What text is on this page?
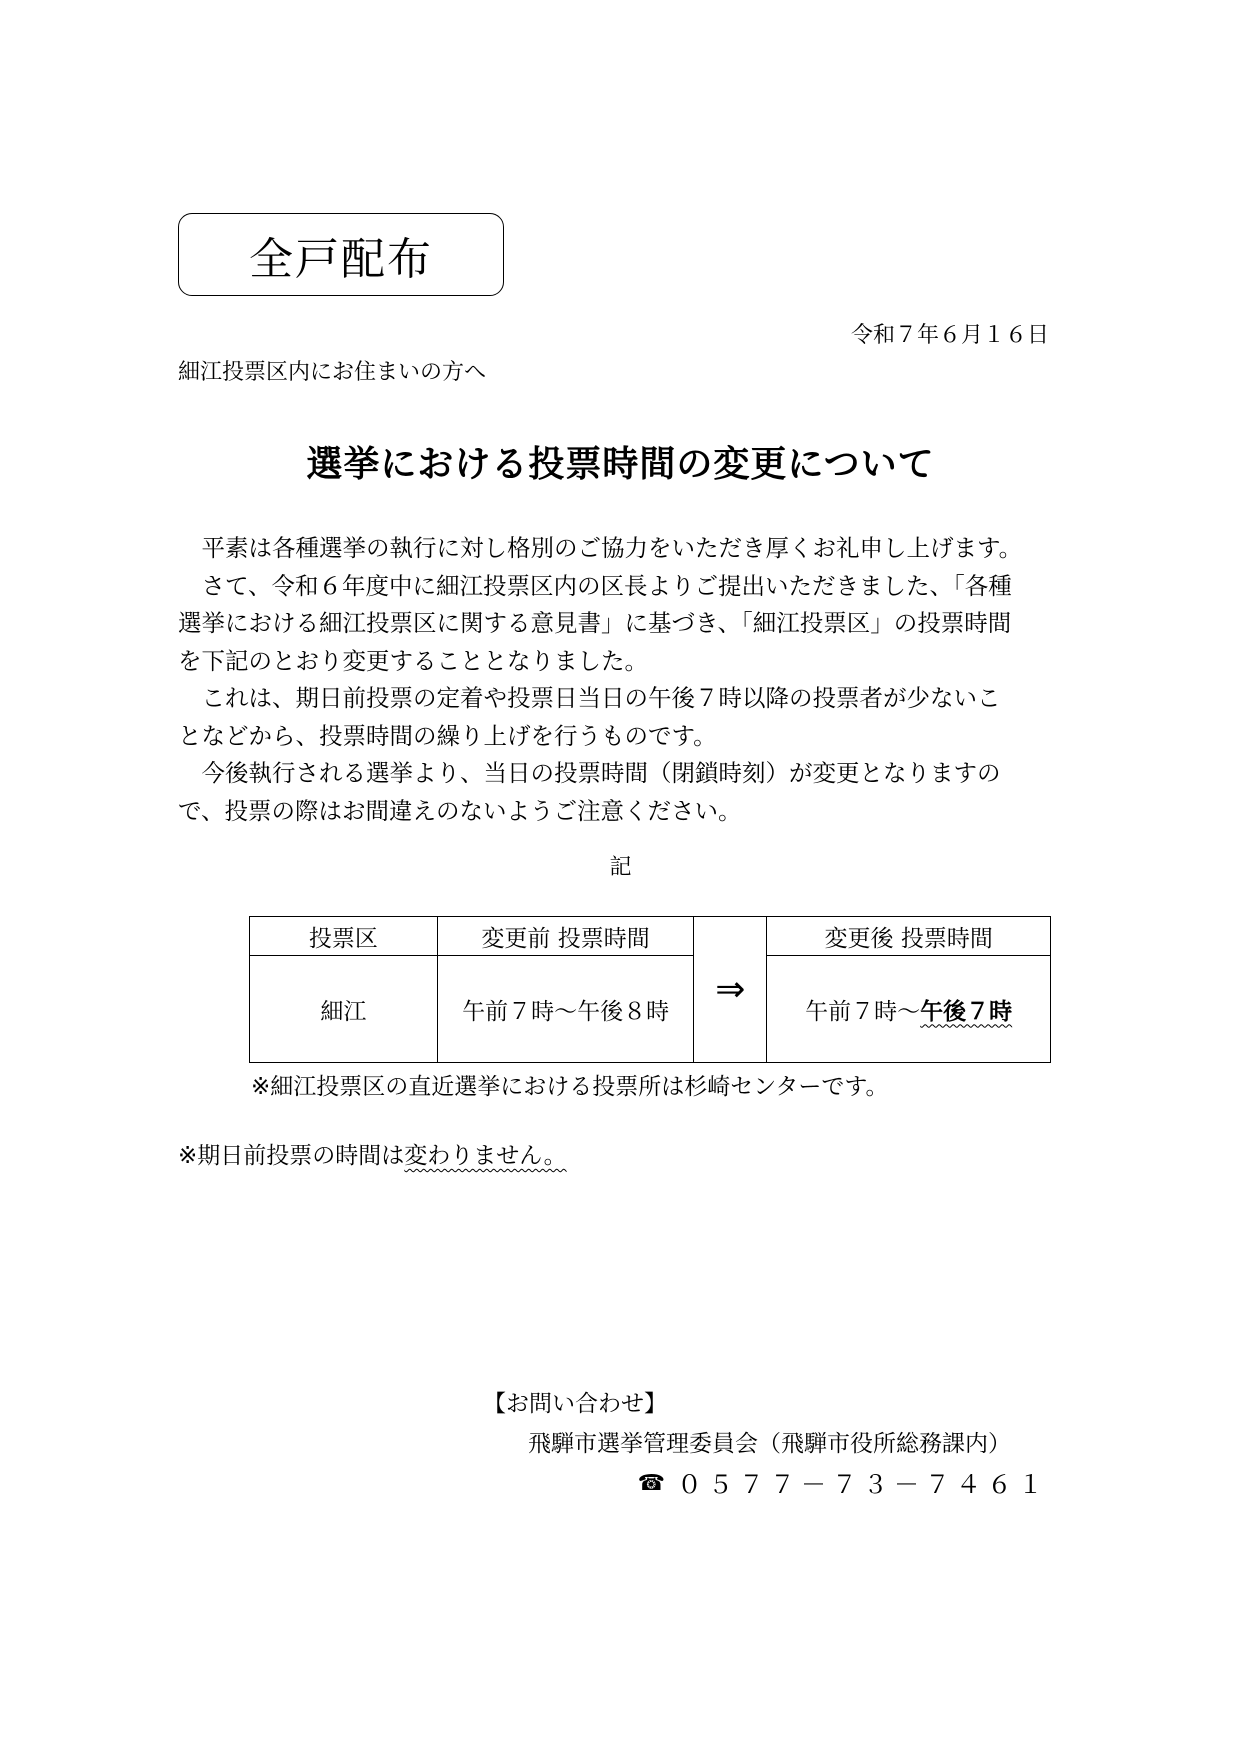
全戸配布
令和７年６月１６日
細江投票区内にお住まいの方へ
選挙における投票時間の変更について
　平素は各種選挙の執行に対し格別のご協力をいただき厚くお礼申し上げます。
　さて、令和６年度中に細江投票区内の区長よりご提出いただきました、「各種
選挙における細江投票区に関する意見書」に基づき、「細江投票区」の投票時間
を下記のとおり変更することとなりました。
　これは、期日前投票の定着や投票日当日の午後７時以降の投票者が少ないこ
となどから、投票時間の繰り上げを行うものです。
　今後執行される選挙より、当日の投票時間（閉鎖時刻）が変更となりますの
で、投票の際はお間違えのないようご注意ください。
記
投票区	変更前 投票時間	⇒	変更後 投票時間
細江	午前７時～午後８時		午前７時～午後７時
※細江投票区の直近選挙における投票所は杉崎センターです。
※期日前投票の時間は変わりません。
【お問い合わせ】
飛騨市選挙管理委員会（飛騨市役所総務課内）
☎ ０５７７－７３－７４６１
